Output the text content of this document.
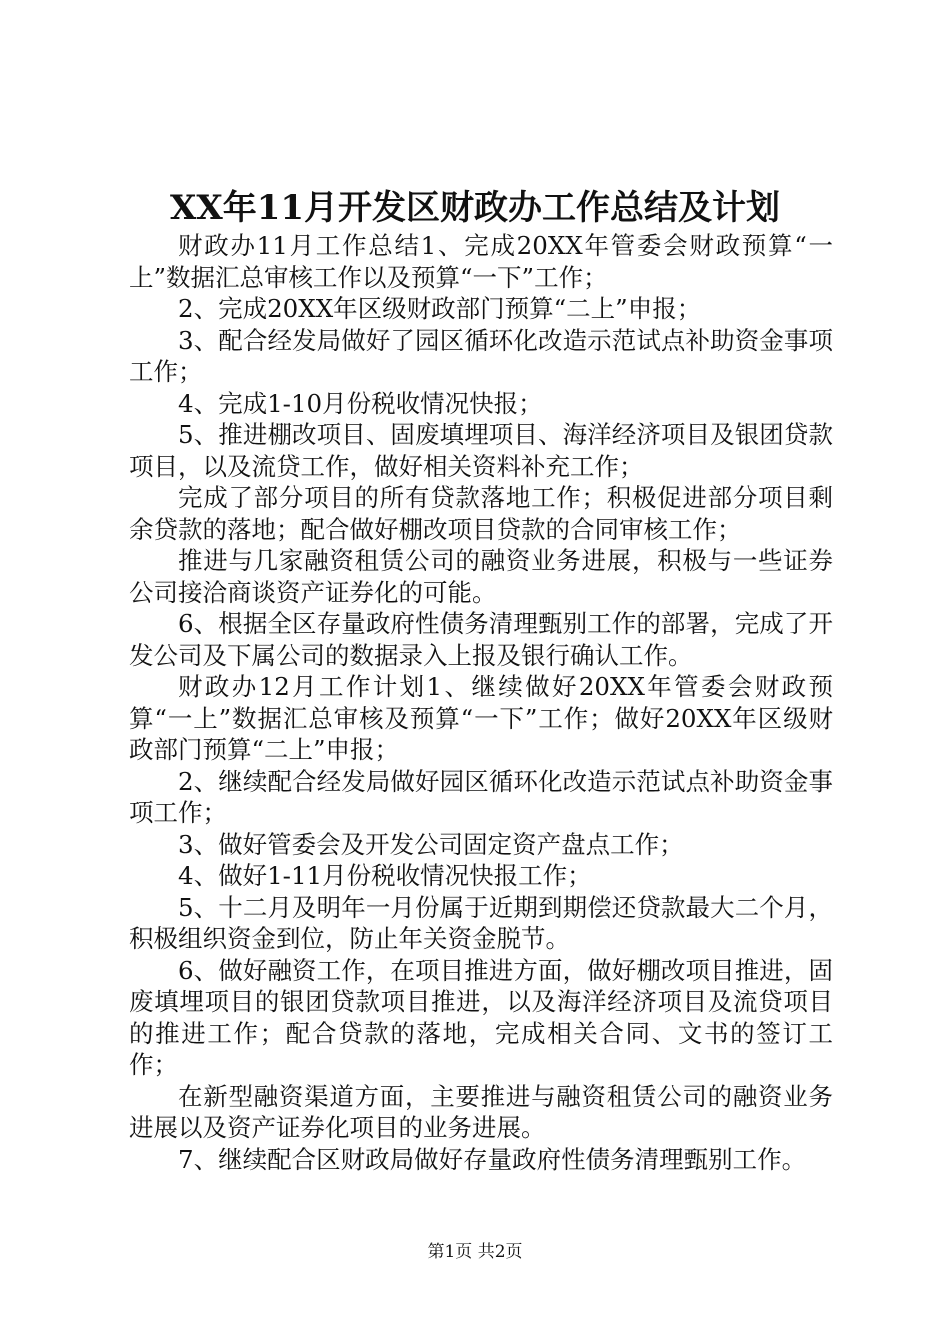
XX年11月开发区财政办工作总结及计划

财政办11月工作总结1、完成20XX年管委会财政预算“一上”数据汇总审核工作以及预算“一下”工作；

2、完成20XX年区级财政部门预算“二上”申报；

3、配合经发局做好了园区循环化改造示范试点补助资金事项工作；

4、完成1-10月份税收情况快报；

5、推进棚改项目、固废填埋项目、海洋经济项目及银团贷款项目，以及流贷工作，做好相关资料补充工作；

完成了部分项目的所有贷款落地工作；积极促进部分项目剩余贷款的落地；配合做好棚改项目贷款的合同审核工作；

推进与几家融资租赁公司的融资业务进展，积极与一些证券公司接洽商谈资产证券化的可能。

6、根据全区存量政府性债务清理甄别工作的部署，完成了开发公司及下属公司的数据录入上报及银行确认工作。

财政办12月工作计划1、继续做好20XX年管委会财政预算“一上”数据汇总审核及预算“一下”工作；做好20XX年区级财政部门预算“二上”申报；

2、继续配合经发局做好园区循环化改造示范试点补助资金事项工作；

3、做好管委会及开发公司固定资产盘点工作；

4、做好1-11月份税收情况快报工作；

5、十二月及明年一月份属于近期到期偿还贷款最大二个月，积极组织资金到位，防止年关资金脱节。

6、做好融资工作，在项目推进方面，做好棚改项目推进，固废填埋项目的银团贷款项目推进，以及海洋经济项目及流贷项目的推进工作；配合贷款的落地，完成相关合同、文书的签订工作；

在新型融资渠道方面，主要推进与融资租赁公司的融资业务进展以及资产证券化项目的业务进展。

7、继续配合区财政局做好存量政府性债务清理甄别工作。

第1页 共2页
